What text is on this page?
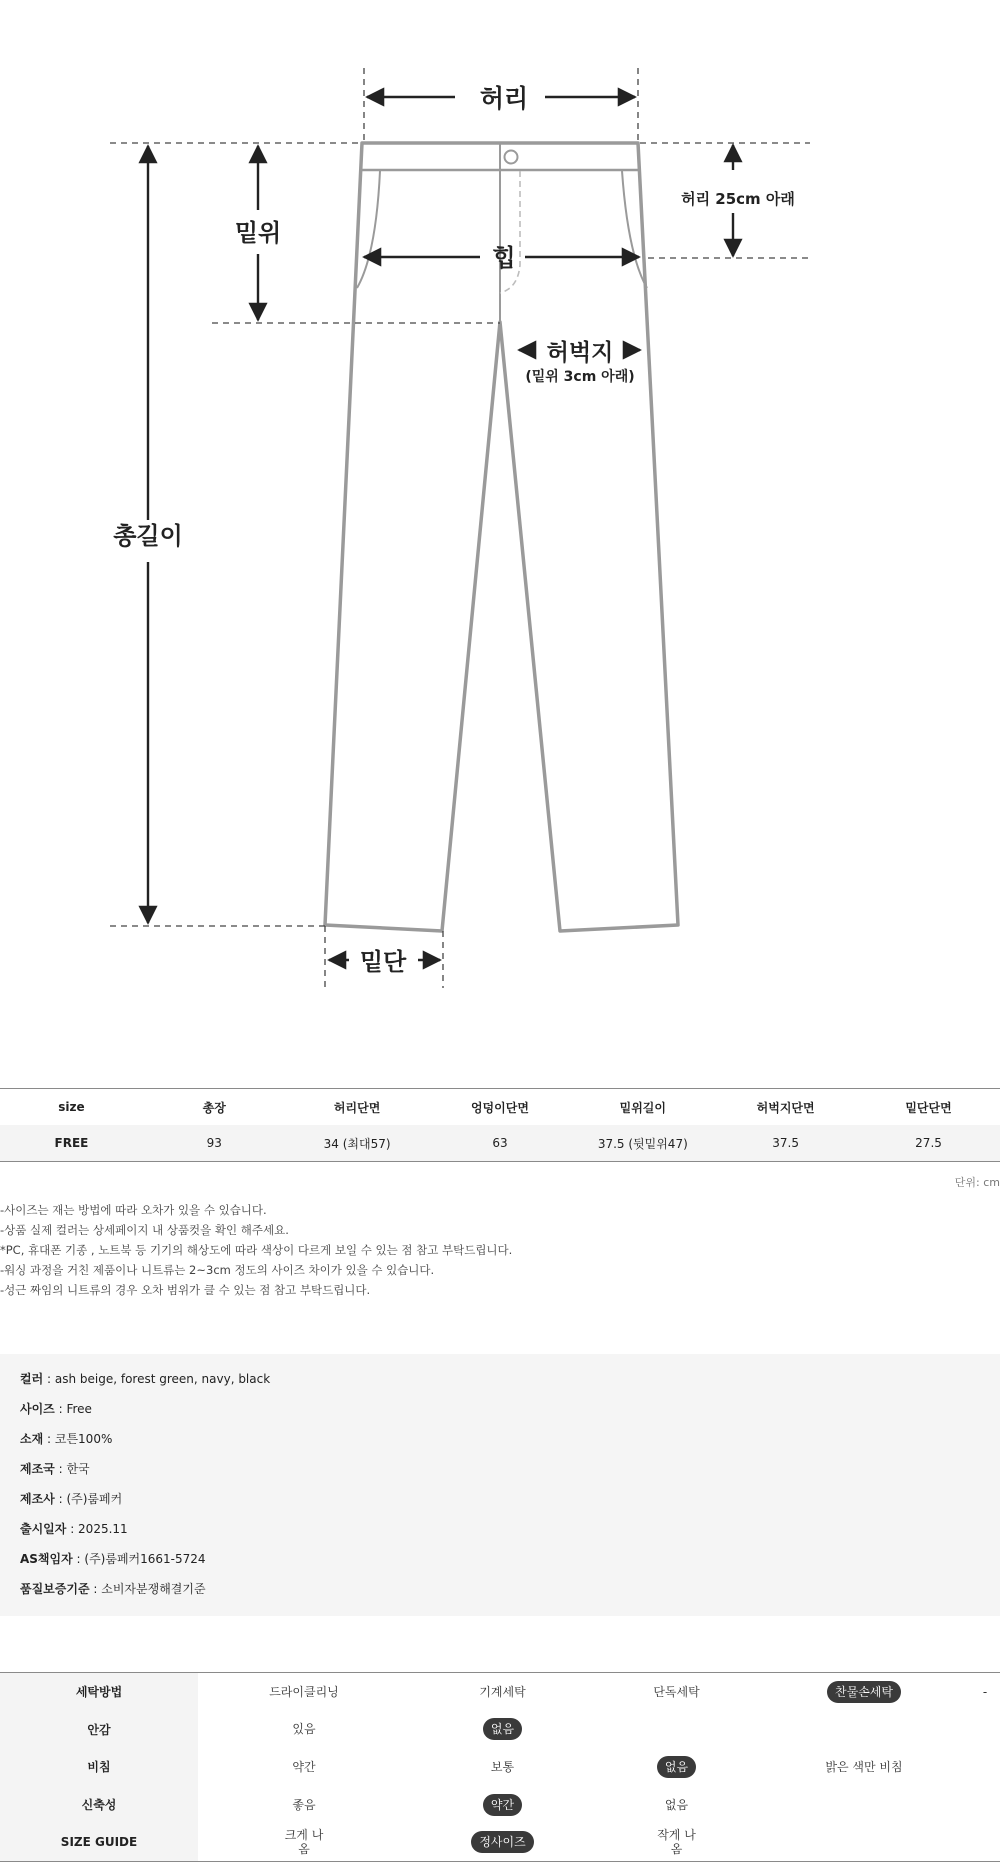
허리
밑위
힙
허리 25cm 아래
허벅지
(밑위 3cm 아래)
총길이
밑단
size	총장	허리단면	엉덩이단면	밑위길이	허벅지단면	밑단단면
FREE	93	34 (최대57)	63	37.5 (뒷밑위47)	37.5	27.5
단위: cm
-사이즈는 재는 방법에 따라 오차가 있을 수 있습니다.
-상품 실제 컬러는 상세페이지 내 상품컷을 확인 해주세요.
*PC, 휴대폰 기종 , 노트북 등 기기의 해상도에 따라 색상이 다르게 보일 수 있는 점 참고 부탁드립니다.
-워싱 과정을 거친 제품이나 니트류는 2~3cm 정도의 사이즈 차이가 있을 수 있습니다.
-성근 짜임의 니트류의 경우 오차 범위가 클 수 있는 점 참고 부탁드립니다.
컬러 : ash beige, forest green, navy, black
사이즈 : Free
소재 : 코튼100%
제조국 : 한국
제조사 : (주)룸페커
출시일자 : 2025.11
AS책임자 : (주)룸페커1661-5724
품질보증기준 : 소비자분쟁해결기준
세탁방법	드라이클리닝	기계세탁	단독세탁	찬물손세탁	-
안감	있음	없음			
비침	약간	보통	없음	밝은 색만 비침	
신축성	좋음	약간	없음		
SIZE GUIDE	크게 나옴	정사이즈	작게 나옴		
